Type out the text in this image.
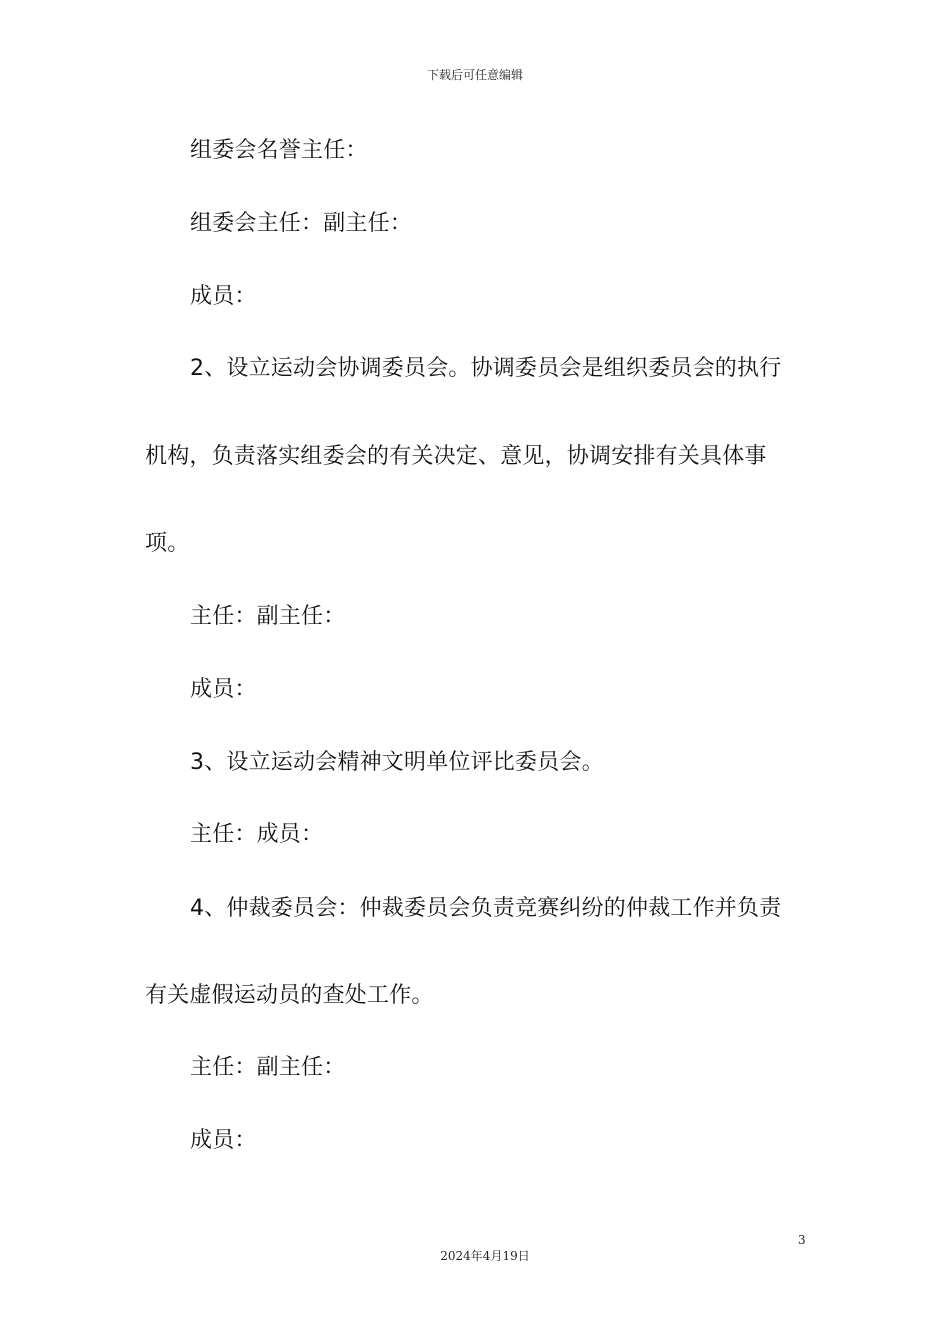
下载后可任意编辑
组委会名誉主任：
组委会主任：副主任：
成员：
2、设立运动会协调委员会。协调委员会是组织委员会的执行
机构，负责落实组委会的有关决定、意见，协调安排有关具体事
项。
主任：副主任：
成员：
3、设立运动会精神文明单位评比委员会。
主任：成员：
4、仲裁委员会：仲裁委员会负责竞赛纠纷的仲裁工作并负责
有关虚假运动员的查处工作。
主任：副主任：
成员：
3
2024年4月19日
